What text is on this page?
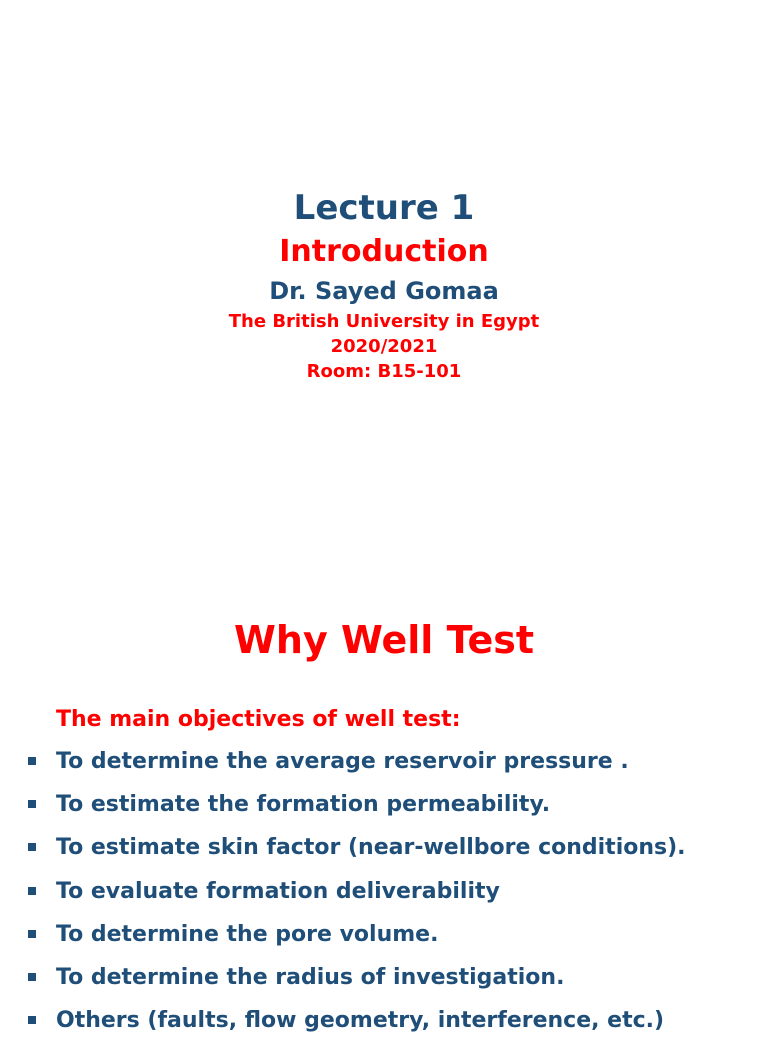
Lecture 1
Introduction
Dr. Sayed Gomaa
The British University in Egypt
2020/2021
Room: B15-101
Why Well Test
The main objectives of well test:
To determine the average reservoir pressure .
To estimate the formation permeability.
To estimate skin factor (near-wellbore conditions).
To evaluate formation deliverability
To determine the pore volume.
To determine the radius of investigation.
Others (faults, flow geometry, interference, etc.)
